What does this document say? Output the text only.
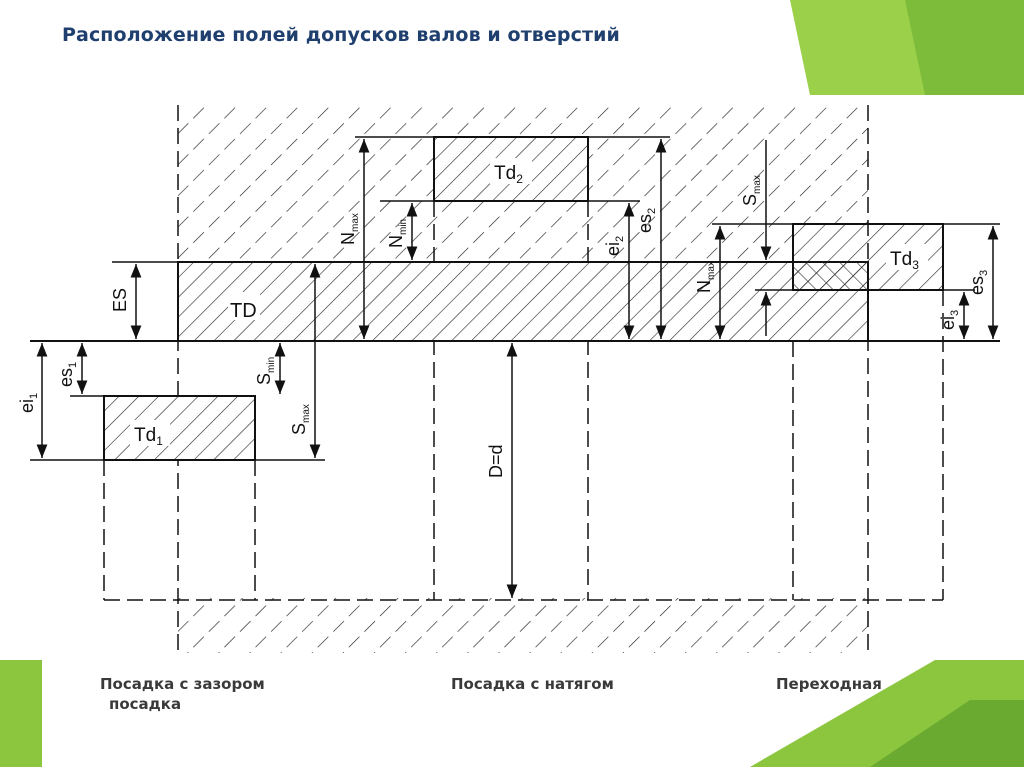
Расположение полей допусков валов и отверстий
TD
$Td_1$
$Td_2$
$Td_3$
ES
$es_1$
$ei_1$
$S_{min}$
$S_{max}$
D=d
$N_{max}$
$N_{min}$
$ei_2$
$es_2$
$N_{max}$
$S_{max}$
$ei_3$
$es_3$

Посадка с зазором
посадка

Посадка с натягом	Переходная
